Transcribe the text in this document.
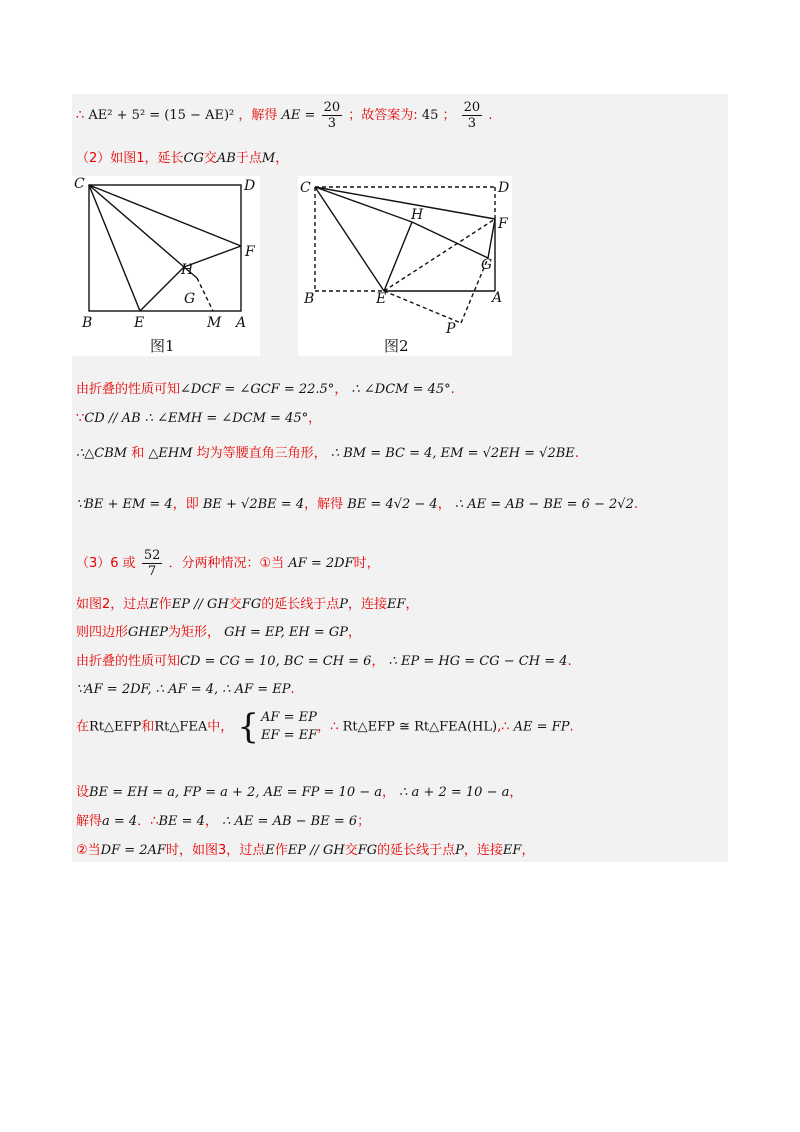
∴ AE² + 5² = (15 − AE)² ，解得 AE = $\frac{20}{3}$ ；故答案为: 45 ； $\frac{20}{3}$ .
（2）如图1，延长CG交AB于点M，
C	D
F
H
G
B	E	M A
图1
C	D
F
H
G
B	E	A
P
图2
由折叠的性质可知∠DCF = ∠GCF = 22.5°， ∴ ∠DCM = 45°.
∵CD // AB ∴ ∠EMH = ∠DCM = 45°，
∴△CBM 和 △EHM 均为等腰直角三角形， ∴ BM = BC = 4, EM = √2EH = √2BE.
∵BE + EM = 4，即 BE + √2BE = 4，解得 BE = 4√2 − 4， ∴ AE = AB − BE = 6 − 2√2.
（3）6 或 $\frac{52}{7}$ ．分两种情况：①当 AF = 2DF时，
如图2，过点E作EP // GH交FG的延长线于点P，连接EF，
则四边形GHEP为矩形， GH = EP, EH = GP，
由折叠的性质可知CD = CG = 10, BC = CH = 6， ∴ EP = HG = CG − CH = 4.
∵AF = 2DF, ∴ AF = 4, ∴ AF = EP.
在Rt△EFP和Rt△FEA中， { AF = EP
EF = EF
，∴ Rt△EFP ≅ Rt△FEA(HL),∴ AE = FP.
设BE = EH = a, FP = a + 2, AE = FP = 10 − a， ∴ a + 2 = 10 − a，
解得a = 4．∴BE = 4， ∴ AE = AB − BE = 6；
②当DF = 2AF时，如图3，过点E作EP // GH交FG的延长线于点P，连接EF，
